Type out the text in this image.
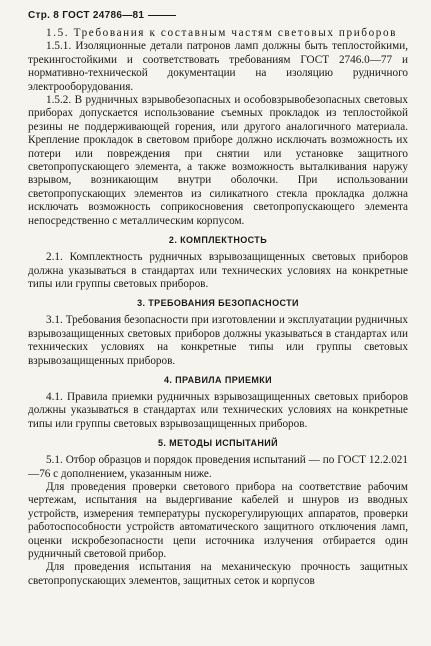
Стр. 8 ГОСТ 24786—81

1.5. Требования к составным частям световых приборов

1.5.1. Изоляционные детали патронов ламп должны быть теплостойкими, трекингостойкими и соответствовать требованиям ГОСТ 2746.0—77 и нормативно-технической документации на изоляцию рудничного электрооборудования.

1.5.2. В рудничных взрывобезопасных и особовзрывобезопасных световых приборах допускается использование съемных прокладок из теплостойкой резины не поддерживающей горения, или другого аналогичного материала. Крепление прокладок в световом приборе должно исключать возможность их потери или повреждения при снятии или установке защитного светопропускающего элемента, а также возможность выталкивания наружу взрывом, возникающим внутри оболочки. При использовании светопропускающих элементов из силикатного стекла прокладка должна исключать возможность соприкосновения светопропускающего элемента непосредственно с металлическим корпусом.

2. КОМПЛЕКТНОСТЬ

2.1. Комплектность рудничных взрывозащищенных световых приборов должна указываться в стандартах или технических условиях на конкретные типы или группы световых приборов.

3. ТРЕБОВАНИЯ БЕЗОПАСНОСТИ

3.1. Требования безопасности при изготовлении и эксплуатации рудничных взрывозащищенных световых приборов должны указываться в стандартах или технических условиях на конкретные типы или группы световых взрывозащищенных приборов.

4. ПРАВИЛА ПРИЕМКИ

4.1. Правила приемки рудничных взрывозащищенных световых приборов должны указываться в стандартах или технических условиях на конкретные типы или группы световых взрывозащищенных приборов.

5. МЕТОДЫ ИСПЫТАНИЙ

5.1. Отбор образцов и порядок проведения испытаний — по ГОСТ 12.2.021—76 с дополнением, указанным ниже.

Для проведения проверки светового прибора на соответствие рабочим чертежам, испытания на выдергивание кабелей и шнуров из вводных устройств, измерения температуры пускорегулирующих аппаратов, проверки работоспособности устройств автоматического защитного отключения ламп, оценки искробезопасности цепи источника излучения отбирается один рудничный световой прибор.

Для проведения испытания на механическую прочность защитных светопропускающих элементов, защитных сеток и корпусов
